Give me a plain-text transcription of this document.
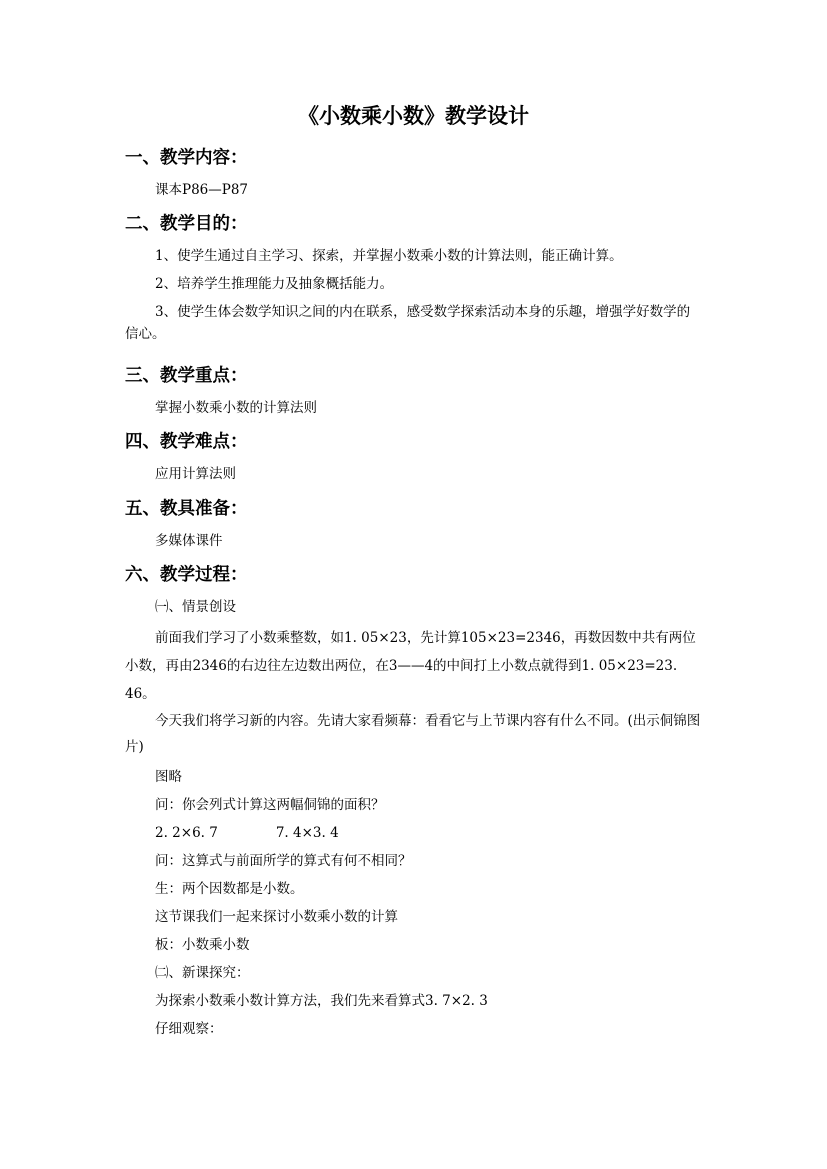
《小数乘小数》教学设计
一、教学内容：
课本P86—P87
二、教学目的：
1、使学生通过自主学习、探索，并掌握小数乘小数的计算法则，能正确计算。
2、培养学生推理能力及抽象概括能力。
3、使学生体会数学知识之间的内在联系，感受数学探索活动本身的乐趣，增强学好数学的信心。
三、教学重点：
掌握小数乘小数的计算法则
四、教学难点：
应用计算法则
五、教具准备：
多媒体课件
六、教学过程：
㈠、情景创设
前面我们学习了小数乘整数，如1. 05×23，先计算105×23=2346，再数因数中共有两位小数，再由2346的右边往左边数出两位，在3——4的中间打上小数点就得到1. 05×23=23. 46。
今天我们将学习新的内容。先请大家看频幕：看看它与上节课内容有什么不同。(出示侗锦图片)
图略
问：你会列式计算这两幅侗锦的面积？
2. 2×6. 7	7. 4×3. 4
问：这算式与前面所学的算式有何不相同？
生：两个因数都是小数。
这节课我们一起来探讨小数乘小数的计算
板：小数乘小数
㈡、新课探究：
为探索小数乘小数计算方法，我们先来看算式3. 7×2. 3
仔细观察：
